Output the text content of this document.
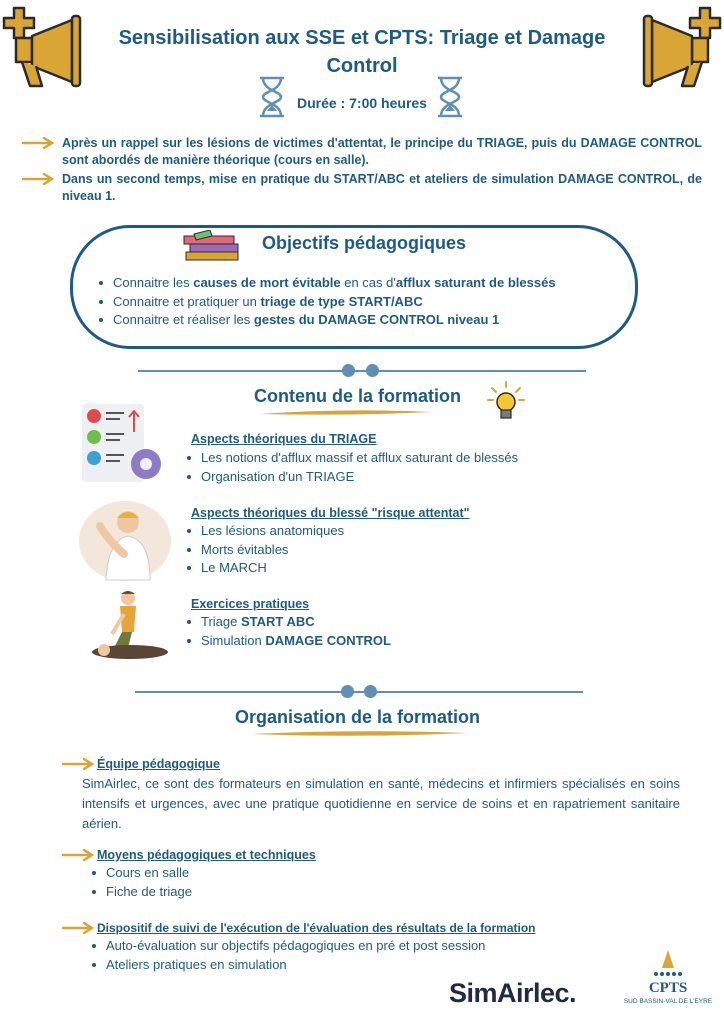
Sensibilisation aux SSE et CPTS: Triage et Damage Control
Durée : 7:00 heures
Après un rappel sur les lésions de victimes d'attentat, le principe du TRIAGE, puis du DAMAGE CONTROL sont abordés de manière théorique (cours en salle).
Dans un second temps, mise en pratique du START/ABC et ateliers de simulation DAMAGE CONTROL, de niveau 1.
Objectifs pédagogiques
Connaitre les causes de mort évitable en cas d'afflux saturant de blessés
Connaitre et pratiquer un triage de type START/ABC
Connaitre et réaliser les gestes du DAMAGE CONTROL niveau 1
Contenu de la formation
Aspects théoriques du TRIAGE
Les notions d'afflux massif et afflux saturant de blessés
Organisation d'un TRIAGE
Aspects théoriques du blessé "risque attentat"
Les lésions anatomiques
Morts évitables
Le MARCH
Exercices pratiques
Triage START ABC
Simulation DAMAGE CONTROL
Organisation de la formation
Équipe pédagogique
SimAirlec, ce sont des formateurs en simulation en santé, médecins et infirmiers spécialisés en soins intensifs et urgences, avec une pratique quotidienne en service de soins et en rapatriement sanitaire aérien.
Moyens pédagogiques et techniques
Cours en salle
Fiche de triage
Dispositif de suivi de l'exécution de l'évaluation des résultats de la formation
Auto-évaluation sur objectifs pédagogiques en pré et post session
Ateliers pratiques en simulation
SimAirlec.	CPTS
SUD BASSIN-VAL DE L'EYRE
